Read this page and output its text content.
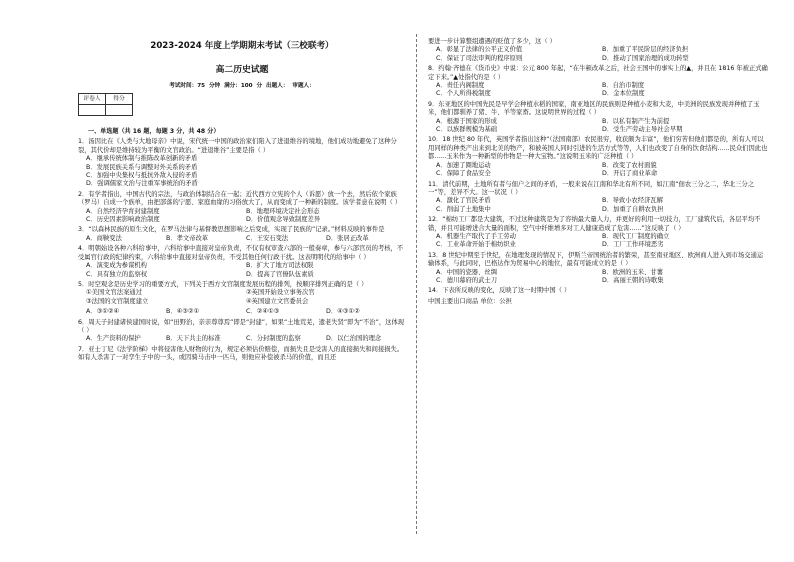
2023-2024 年度上学期期末考试（三校联考）
高二历史试题
考试时间：75 分钟 满分：100 分 出题人： 审题人：
评卷人	得分

一、单选题（共 16 题，每题 3 分，共 48 分）
1．汤因比在《人类与大地母亲》中说，宋代统一中国的政治家们陷入了进退维谷的境地，他们成功地避免了这种分裂，其代价却是维持较为平衡的文官政治。“进退维谷”主要是指（ ）
A．继承传统体制与推陈改革创新的矛盾
B．发展民族关系与调整对外关系的矛盾
C．加强中央集权与抵抗外敌入侵的矛盾
D．强调儒家文治与注重军事统治的矛盾
2．有学者指出，中国古代的宗法，与政治体制结合在一起；近代西方立宪的个人（诉愿）放一个去，然后依个家族（罗马）自成一个族单，由把部落的宁愿、家庭血缘的习俗放大了，从而变成了一种新的制度。该学者意在说明（ ）
A．自然经济孕育封建制度	B．地理环境决定社会形态
C．历史因素影响政治制度	D．价值观念导致制度差异
3．“以森林民族的原生文化，在罗马法律与基督教思想影响之后变成，实现了民族的”记录。”材料反映的事件是
A．商鞅变法	B．孝文帝改革	C．王安石变法	D．张居正改革
4．明朝始设各种六科给事中，六科给事中直接对皇帝负责，不仅有权审查六部的一般奏章，参与六部官员的考核，不受属官行政的纪律约束，六科给事中直接对皇帝负责，不受其他任何行政干扰。这表明明代的给事中（ ）
A．演变成为参谋机构	B．扩大了地方司法权限
C．具有独立的监察权	D．提高了官僚队伍素质
5．时空观念是历史学习的重要方式，下列关于西方文官制度发展历程的排列，按顺序排列正确的是（ ）
①美国文官法案通过	②英国开始设立事务次官
③法国的文官制度建立	④英国建立文官委员会
A．③①②④	B．④③②①	C．②④①③	D．④③①②
6．周天子封建诸侯建国时说，如“田野治，亲亲尊尊焉”即是“封建”，如果“土地荒芜，遗老失贤”即为“不治”，这体现（ ）
A．生产资料的保护	B．天下共主的标准	C．分封制度的监察	D．以仁治国的理念
7．亚士丁尼《法学阶梯》中将侵害他人财物的行为，规定必须估价赔偿，而损失且是受害人的直接损失和间接损失。如有人杀害了一对孪生子中的一头，或因骑马击中一匹马，则他应补偿被杀马的价值，而且还
要进一步计算整组遭遇的贬值了多少，这（ ）
A．彰显了法律的公平正义价值	B．加重了平民阶层的经济负担
C．保证了司法审判的程序原则	D．推动了国家治理的成功转型
8．约翰·齐德在《货币史》中说：公元 800 年起，“在牛顿改革之后，社会王国中的事实上的▲，并且在 1816 年被正式确定下来。”▲处指代的是（ ）
A．责任内阁制度	B．自治市制度
C．个人所得税制度	D．金本位制度
9．东亚地区的中国先民是早学会种植水稻的国家，南亚地区的民族则是种植小麦和大麦，中美洲的民族发现并种植了玉米，他们都驯养了猪、牛、羊等家畜。这说明世界的过程（ ）
A．根源于国家的形成	B．以私有制产生为前提
C．以族群规模为基础	D．受生产劳动主导社会早期
10．18 世纪 80 年代，英国学者指出这种“（法国南部）农民很穷，收获颇为丰富”，他们穷苦但他们都是的，所有人可以用同样的种类产出来到北美的物产，和被英国人同时引进的生活方式等等，人们也改变了自身的饮食结构......民众们因此也都......玉米作为一种新型的作物是一种大宝物。”这说明玉米的广泛种植（ ）
A．加速了圈地运动	B．改变了农村面貌
C．保障了食品安全	D．开启了商业革命
11．清代前期，土地所有者与佃户之间的矛盾，一般来说在江南和华北有所不同，如江南“佃农三分之二，华北三分之一”等，差异不大。这一状况（ ）
A．激化了官民矛盾	B．导致小农经济瓦解
C．削弱了土地集中	D．加重了自耕农负担
12．“棉纺工厂都是大建筑，不过这种建筑是为了容纳最大量人力，并更好的利用一切技力，工厂建筑代后，各层平均不错，并且可能增进合大量的面积，空气中纤维增多对工人健康造成了危害......”这反映了（ ）
A．机器生产取代了手工劳动	B．现代工厂制度的确立
C．工业革命开始于棉纺织业	D．工厂工作环境恶劣
13．8 世纪中期至于世纪，在地理发现的情况下，伊斯兰帝国统治者的繁荣，甚至南亚地区、欧洲商人进入到市场交通运输体系，与此同时，巴格达作为贸易中心的地位，最有可能成立的是（ ）
A．中国的瓷器、丝绸	B．欧洲的玉米、甘薯
C．德川幕府的武士刀	D．高丽王朝的诗歌集
14．下表所反映的变化，反映了这一时期中国（ ）
中国主要出口商品 单位：公担
